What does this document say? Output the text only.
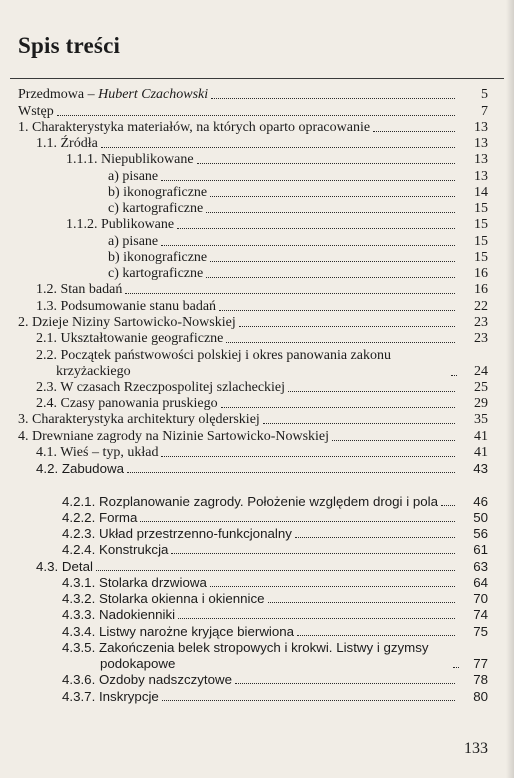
Spis treści
Przedmowa – Hubert Czachowski	5
Wstęp	7
1. Charakterystyka materiałów, na których oparto opracowanie	13
1.1. Źródła	13
1.1.1. Niepublikowane	13
a) pisane	13
b) ikonograficzne	14
c) kartograficzne	15
1.1.2. Publikowane	15
a) pisane	15
b) ikonograficzne	15
c) kartograficzne	16
1.2. Stan badań	16
1.3. Podsumowanie stanu badań	22
2. Dzieje Niziny Sartowicko-Nowskiej	23
2.1. Ukształtowanie geograficzne	23
2.2. Początek państwowości polskiej i okres panowania zakonu krzyżackiego	24
2.3. W czasach Rzeczpospolitej szlacheckiej	25
2.4. Czasy panowania pruskiego	29
3. Charakterystyka architektury olęderskiej	35
4. Drewniane zagrody na Nizinie Sartowicko-Nowskiej	41
4.1. Wieś – typ, układ	41
4.2. Zabudowa	43
4.2.1. Rozplanowanie zagrody. Położenie względem drogi i pola	46
4.2.2. Forma	50
4.2.3. Układ przestrzenno-funkcjonalny	56
4.2.4. Konstrukcja	61
4.3. Detal	63
4.3.1. Stolarka drzwiowa	64
4.3.2. Stolarka okienna i okiennice	70
4.3.3. Nadokienniki	74
4.3.4. Listwy narożne kryjące bierwiona	75
4.3.5. Zakończenia belek stropowych i krokwi. Listwy i gzymsy podokapowe	77
4.3.6. Ozdoby nadszczytowe	78
4.3.7. Inskrypcje	80
133
